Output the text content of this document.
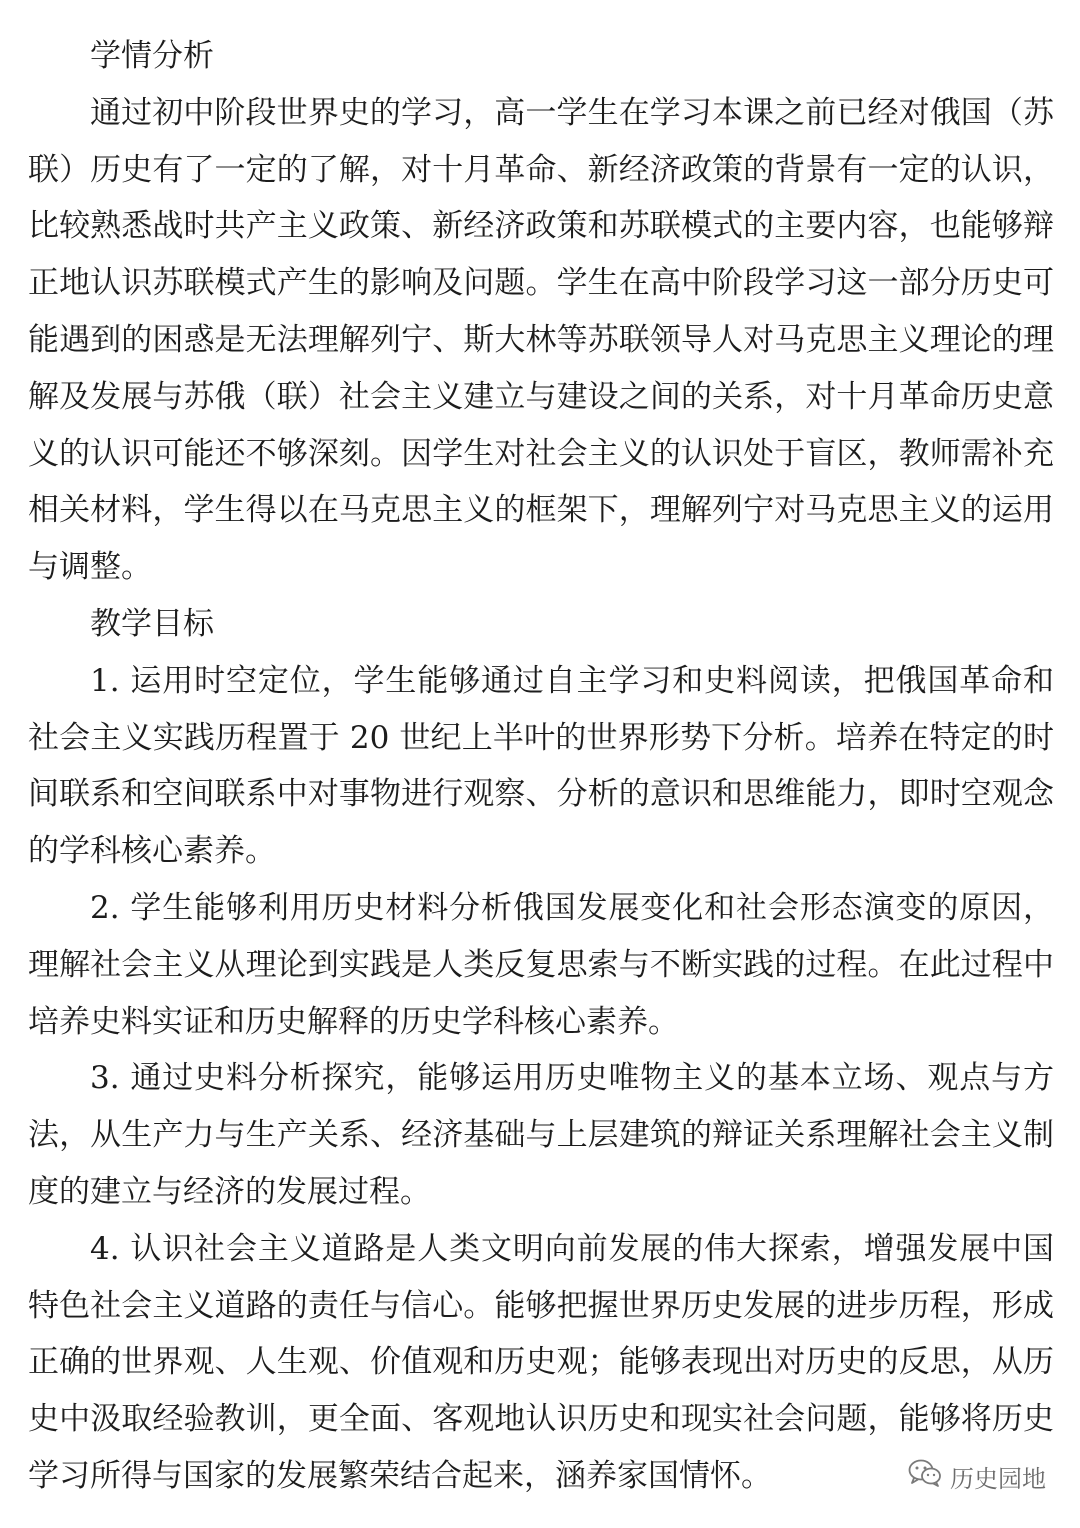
学情分析

通过初中阶段世界史的学习，高一学生在学习本课之前已经对俄国（苏联）历史有了一定的了解，对十月革命、新经济政策的背景有一定的认识，比较熟悉战时共产主义政策、新经济政策和苏联模式的主要内容，也能够辩正地认识苏联模式产生的影响及问题。学生在高中阶段学习这一部分历史可能遇到的困惑是无法理解列宁、斯大林等苏联领导人对马克思主义理论的理解及发展与苏俄（联）社会主义建立与建设之间的关系，对十月革命历史意义的认识可能还不够深刻。因学生对社会主义的认识处于盲区，教师需补充相关材料，学生得以在马克思主义的框架下，理解列宁对马克思主义的运用与调整。

教学目标

1. 运用时空定位，学生能够通过自主学习和史料阅读，把俄国革命和社会主义实践历程置于 20 世纪上半叶的世界形势下分析。培养在特定的时间联系和空间联系中对事物进行观察、分析的意识和思维能力，即时空观念的学科核心素养。

2. 学生能够利用历史材料分析俄国发展变化和社会形态演变的原因，理解社会主义从理论到实践是人类反复思索与不断实践的过程。在此过程中培养史料实证和历史解释的历史学科核心素养。

3. 通过史料分析探究，能够运用历史唯物主义的基本立场、观点与方法，从生产力与生产关系、经济基础与上层建筑的辩证关系理解社会主义制度的建立与经济的发展过程。

4. 认识社会主义道路是人类文明向前发展的伟大探索，增强发展中国特色社会主义道路的责任与信心。能够把握世界历史发展的进步历程，形成正确的世界观、人生观、价值观和历史观；能够表现出对历史的反思，从历史中汲取经验教训，更全面、客观地认识历史和现实社会问题，能够将历史学习所得与国家的发展繁荣结合起来，涵养家国情怀。	历史园地
